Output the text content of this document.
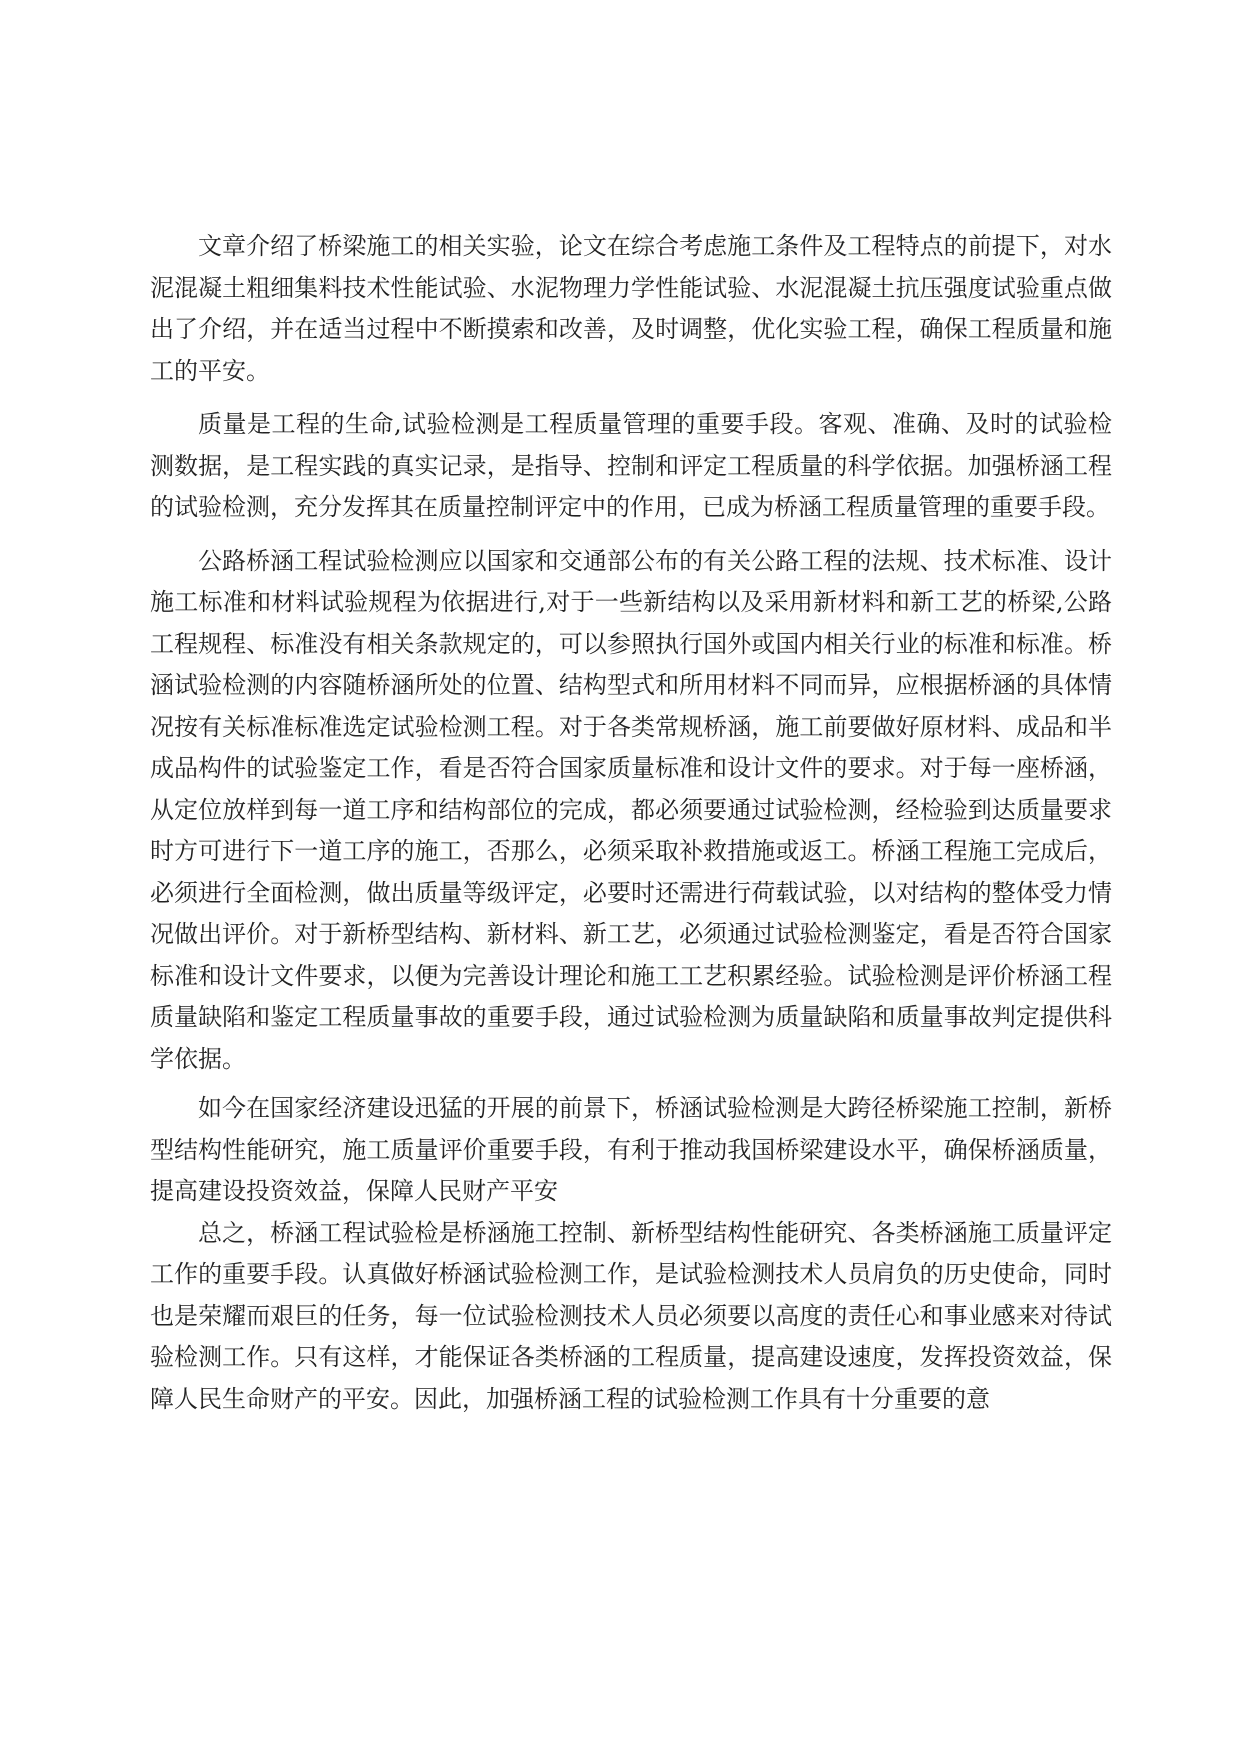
文章介绍了桥梁施工的相关实验，论文在综合考虑施工条件及工程特点的前提下，对水泥混凝土粗细集料技术性能试验、水泥物理力学性能试验、水泥混凝土抗压强度试验重点做出了介绍，并在适当过程中不断摸索和改善，及时调整，优化实验工程，确保工程质量和施工的平安。

质量是工程的生命,试验检测是工程质量管理的重要手段。客观、准确、及时的试验检测数据，是工程实践的真实记录，是指导、控制和评定工程质量的科学依据。加强桥涵工程的试验检测，充分发挥其在质量控制评定中的作用，已成为桥涵工程质量管理的重要手段。

公路桥涵工程试验检测应以国家和交通部公布的有关公路工程的法规、技术标准、设计施工标准和材料试验规程为依据进行,对于一些新结构以及采用新材料和新工艺的桥梁,公路工程规程、标准没有相关条款规定的，可以参照执行国外或国内相关行业的标准和标准。桥涵试验检测的内容随桥涵所处的位置、结构型式和所用材料不同而异，应根据桥涵的具体情况按有关标准标准选定试验检测工程。对于各类常规桥涵，施工前要做好原材料、成品和半成品构件的试验鉴定工作，看是否符合国家质量标准和设计文件的要求。对于每一座桥涵，从定位放样到每一道工序和结构部位的完成，都必须要通过试验检测，经检验到达质量要求时方可进行下一道工序的施工，否那么，必须采取补救措施或返工。桥涵工程施工完成后，必须进行全面检测，做出质量等级评定，必要时还需进行荷载试验，以对结构的整体受力情况做出评价。对于新桥型结构、新材料、新工艺，必须通过试验检测鉴定，看是否符合国家标准和设计文件要求，以便为完善设计理论和施工工艺积累经验。试验检测是评价桥涵工程质量缺陷和鉴定工程质量事故的重要手段，通过试验检测为质量缺陷和质量事故判定提供科学依据。

如今在国家经济建设迅猛的开展的前景下，桥涵试验检测是大跨径桥梁施工控制，新桥型结构性能研究，施工质量评价重要手段，有利于推动我国桥梁建设水平，确保桥涵质量，提高建设投资效益，保障人民财产平安

总之，桥涵工程试验检是桥涵施工控制、新桥型结构性能研究、各类桥涵施工质量评定工作的重要手段。认真做好桥涵试验检测工作，是试验检测技术人员肩负的历史使命，同时也是荣耀而艰巨的任务，每一位试验检测技术人员必须要以高度的责任心和事业感来对待试验检测工作。只有这样，才能保证各类桥涵的工程质量，提高建设速度，发挥投资效益，保障人民生命财产的平安。因此，加强桥涵工程的试验检测工作具有十分重要的意
